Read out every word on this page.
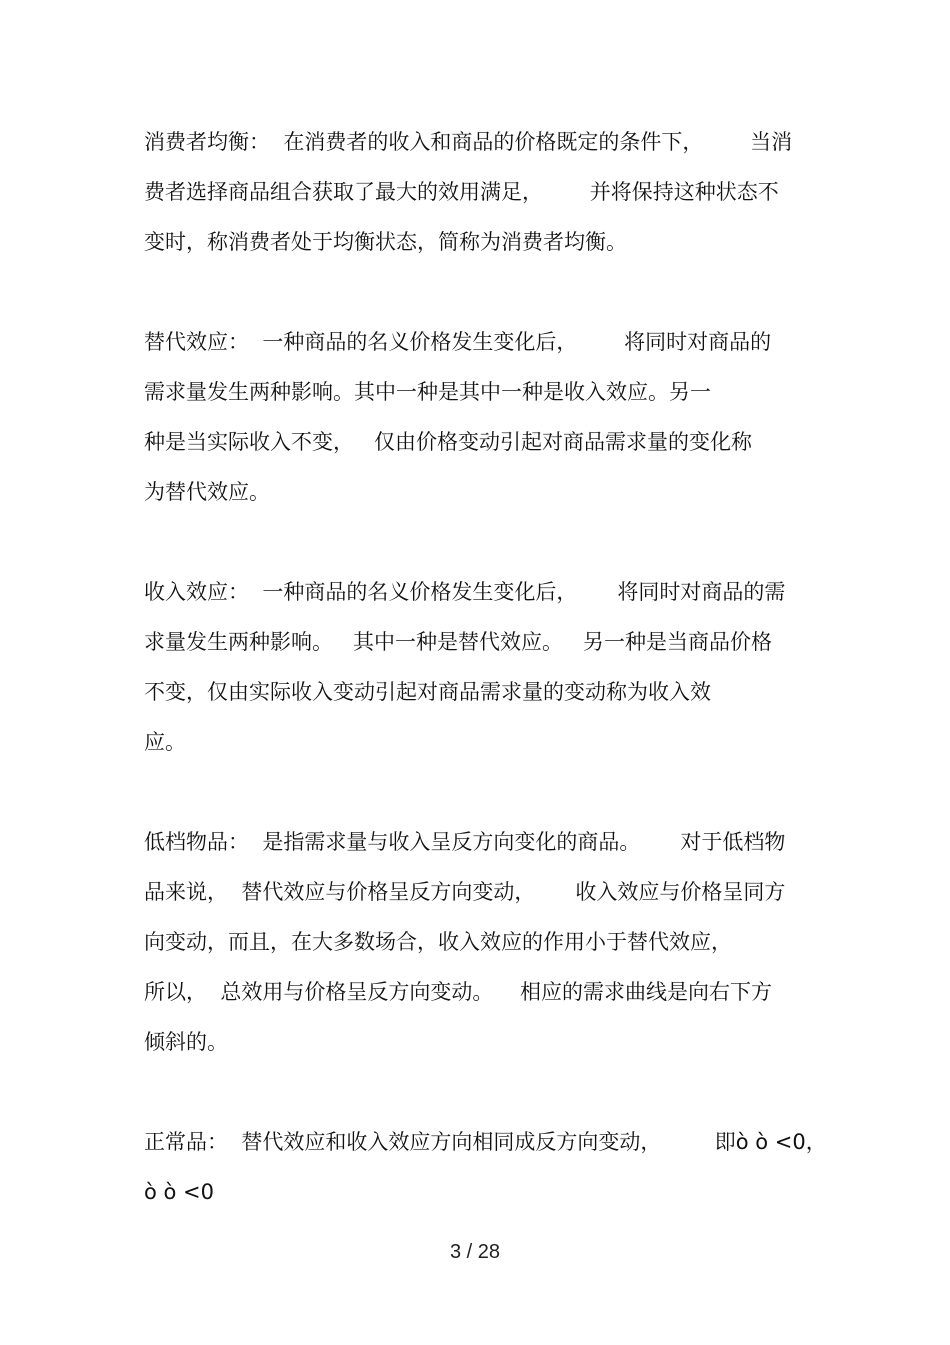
消费者均衡：  在消费者的收入和商品的价格既定的条件下，       当消
费者选择商品组合获取了最大的效用满足，       并将保持这种状态不
变时，称消费者处于均衡状态，简称为消费者均衡。
替代效应：  一种商品的名义价格发生变化后，       将同时对商品的
需求量发生两种影响。其中一种是其中一种是收入效应。另一
种是当实际收入不变，   仅由价格变动引起对商品需求量的变化称
为替代效应。
收入效应：  一种商品的名义价格发生变化后，      将同时对商品的需
求量发生两种影响。   其中一种是替代效应。   另一种是当商品价格
不变，仅由实际收入变动引起对商品需求量的变动称为收入效
应。
低档物品：  是指需求量与收入呈反方向变化的商品。      对于低档物
品来说，  替代效应与价格呈反方向变动，      收入效应与价格呈同方
向变动，而且，在大多数场合，收入效应的作用小于替代效应，
所以，  总效用与价格呈反方向变动。    相应的需求曲线是向右下方
倾斜的。
正常品：  替代效应和收入效应方向相同成反方向变动，        即ò ò <0，
ò ò <0
3 / 28
